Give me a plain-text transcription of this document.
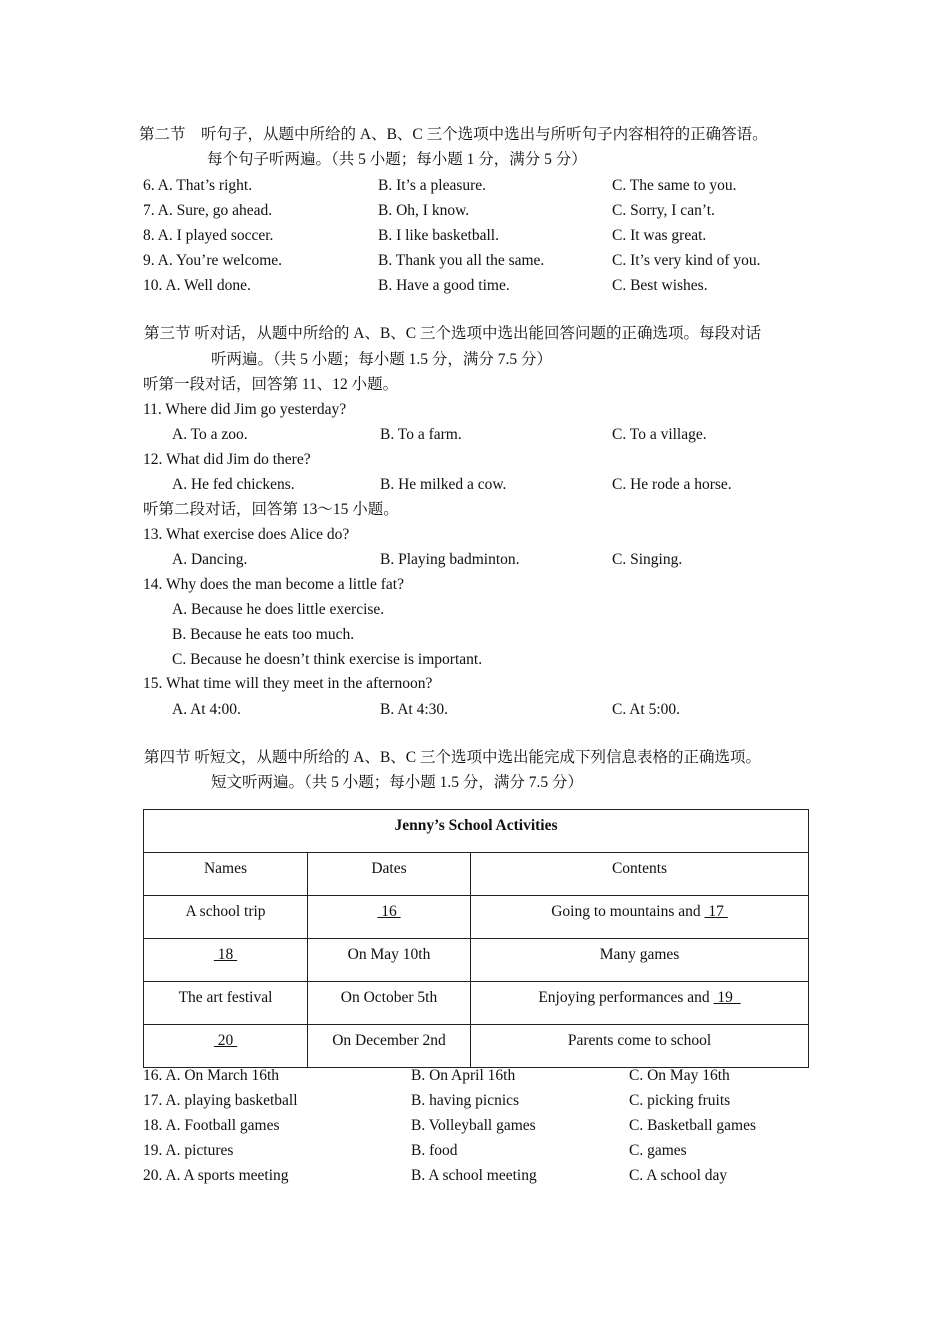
第二节　听句子，从题中所给的 A、B、C 三个选项中选出与所听句子内容相符的正确答语。
每个句子听两遍。（共 5 小题；每小题 1 分，满分 5 分）
6. A. That’s right.	B. It’s a pleasure.	C. The same to you.
7. A. Sure, go ahead.	B. Oh, I know.	C. Sorry, I can’t.
8. A. I played soccer.	B. I like basketball.	C. It was great.
9. A. You’re welcome.	B. Thank you all the same.	C. It’s very kind of you.
10. A. Well done.	B. Have a good time.	C. Best wishes.
第三节 听对话，从题中所给的 A、B、C 三个选项中选出能回答问题的正确选项。每段对话
听两遍。（共 5 小题；每小题 1.5 分，满分 7.5 分）
听第一段对话，回答第 11、12 小题。
11. Where did Jim go yesterday?
A. To a zoo.	B. To a farm.	C. To a village.
12. What did Jim do there?
A. He fed chickens.	B. He milked a cow.	C. He rode a horse.
听第二段对话，回答第 13～15 小题。
13. What exercise does Alice do?
A. Dancing.	B. Playing badminton.	C. Singing.
14. Why does the man become a little fat?
A. Because he does little exercise.
B. Because he eats too much.
C. Because he doesn’t think exercise is important.
15. What time will they meet in the afternoon?
A. At 4:00.	B. At 4:30.	C. At 5:00.
第四节 听短文，从题中所给的 A、B、C 三个选项中选出能完成下列信息表格的正确选项。
短文听两遍。（共 5 小题；每小题 1.5 分，满分 7.5 分）
Jenny’s School Activities		
Names	Dates	Contents
A school trip	16	Going to mountains and  17
18	On May 10th	Many games
The art festival	On October 5th	Enjoying performances and  19
20	On December 2nd	Parents come to school
16. A. On March 16th	B. On April 16th	C. On May 16th
17. A. playing basketball	B. having picnics	C. picking fruits
18. A. Football games	B. Volleyball games	C. Basketball games
19. A. pictures	B. food	C. games
20. A. A sports meeting	B. A school meeting	C. A school day
